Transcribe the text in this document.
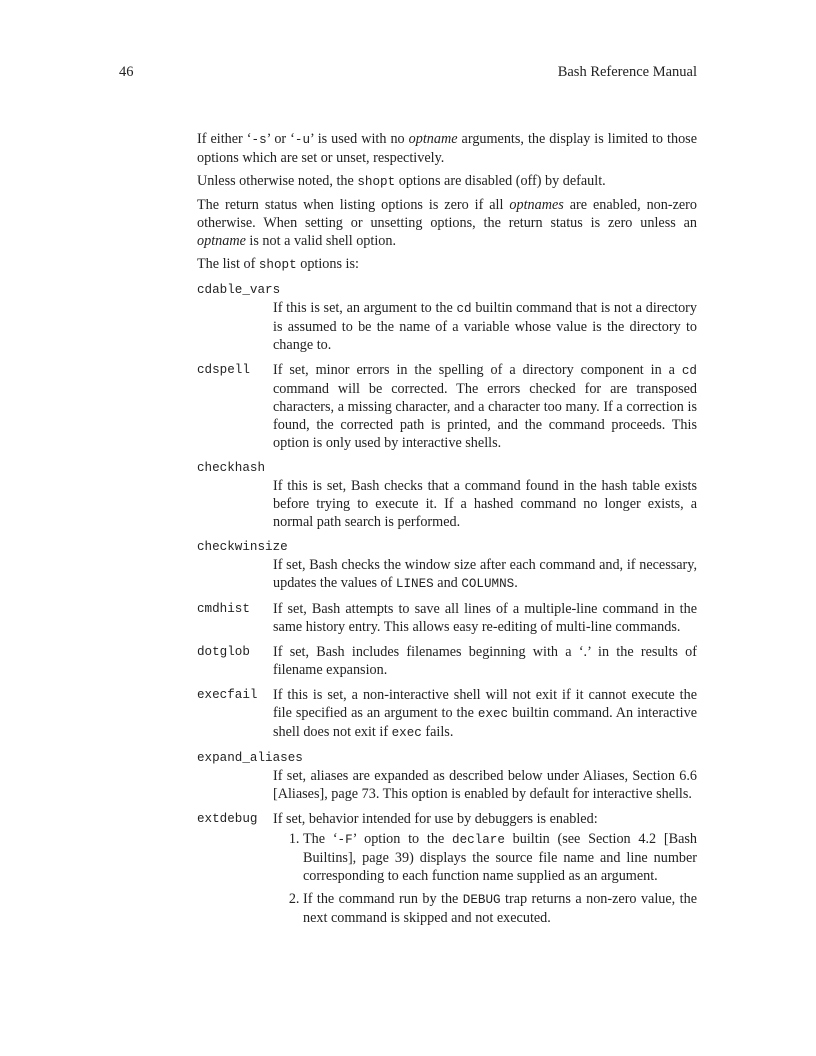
46	Bash Reference Manual

If either ‘-s’ or ‘-u’ is used with no optname arguments, the display is limited to those options which are set or unset, respectively.

Unless otherwise noted, the shopt options are disabled (off) by default.

The return status when listing options is zero if all optnames are enabled, non-zero otherwise. When setting or unsetting options, the return status is zero unless an optname is not a valid shell option.

The list of shopt options is:

cdable_vars
If this is set, an argument to the cd builtin command that is not a directory is assumed to be the name of a variable whose value is the directory to change to.
cdspell If set, minor errors in the spelling of a directory component in a cd command will be corrected. The errors checked for are transposed characters, a missing character, and a character too many. If a correction is found, the corrected path is printed, and the command proceeds. This option is only used by interactive shells.
checkhash
If this is set, Bash checks that a command found in the hash table exists before trying to execute it. If a hashed command no longer exists, a normal path search is performed.
checkwinsize
If set, Bash checks the window size after each command and, if necessary, updates the values of LINES and COLUMNS.
cmdhist If set, Bash attempts to save all lines of a multiple-line command in the same history entry. This allows easy re-editing of multi-line commands.
dotglob If set, Bash includes filenames beginning with a ‘.’ in the results of filename expansion.
execfail If this is set, a non-interactive shell will not exit if it cannot execute the file specified as an argument to the exec builtin command. An interactive shell does not exit if exec fails.
expand_aliases
If set, aliases are expanded as described below under Aliases, Section 6.6 [Aliases], page 73. This option is enabled by default for interactive shells.
extdebug If set, behavior intended for use by debuggers is enabled:
1. The ‘-F’ option to the declare builtin (see Section 4.2 [Bash Builtins], page 39) displays the source file name and line number corresponding to each function name supplied as an argument.
2. If the command run by the DEBUG trap returns a non-zero value, the next command is skipped and not executed.
